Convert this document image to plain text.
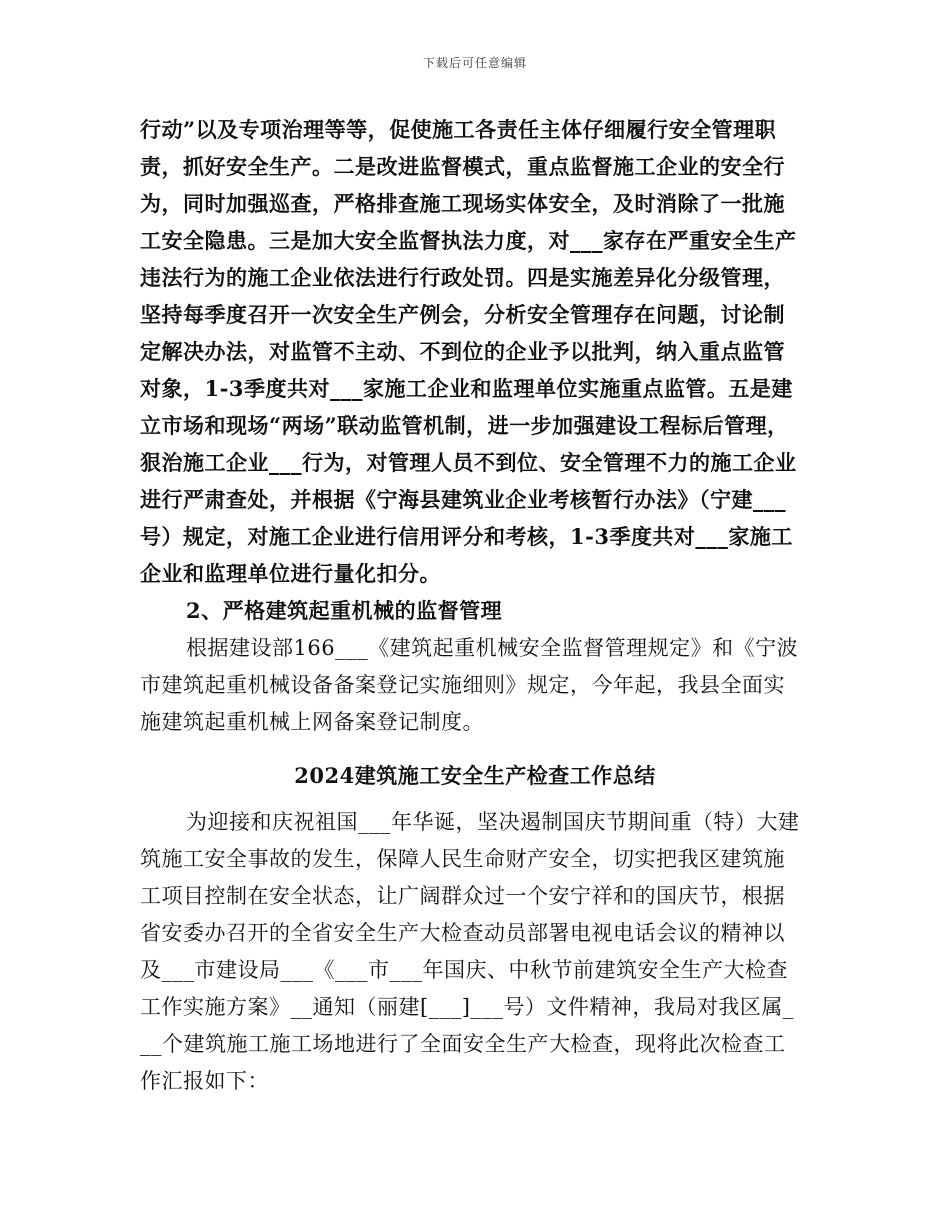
下载后可任意编辑
行动”以及专项治理等等，促使施工各责任主体仔细履行安全管理职
责，抓好安全生产。二是改进监督模式，重点监督施工企业的安全行
为，同时加强巡查，严格排查施工现场实体安全，及时消除了一批施
工安全隐患。三是加大安全监督执法力度，对___家存在严重安全生产
违法行为的施工企业依法进行行政处罚。四是实施差异化分级管理，
坚持每季度召开一次安全生产例会，分析安全管理存在问题，讨论制
定解决办法，对监管不主动、不到位的企业予以批判，纳入重点监管
对象，1-3季度共对___家施工企业和监理单位实施重点监管。五是建
立市场和现场“两场”联动监管机制，进一步加强建设工程标后管理，
狠治施工企业___行为，对管理人员不到位、安全管理不力的施工企业
进行严肃查处，并根据《宁海县建筑业企业考核暂行办法》（宁建___
号）规定，对施工企业进行信用评分和考核，1-3季度共对___家施工
企业和监理单位进行量化扣分。
2、严格建筑起重机械的监督管理
根据建设部166___《建筑起重机械安全监督管理规定》和《宁波
市建筑起重机械设备备案登记实施细则》规定，今年起，我县全面实
施建筑起重机械上网备案登记制度。
2024建筑施工安全生产检查工作总结
为迎接和庆祝祖国___年华诞，坚决遏制国庆节期间重（特）大建
筑施工安全事故的发生，保障人民生命财产安全，切实把我区建筑施
工项目控制在安全状态，让广阔群众过一个安宁祥和的国庆节，根据
省安委办召开的全省安全生产大检查动员部署电视电话会议的精神以
及___市建设局___《___市___年国庆、中秋节前建筑安全生产大检查
工作实施方案》__通知（丽建[___]___号）文件精神，我局对我区属_
__个建筑施工施工场地进行了全面安全生产大检查，现将此次检查工
作汇报如下：
